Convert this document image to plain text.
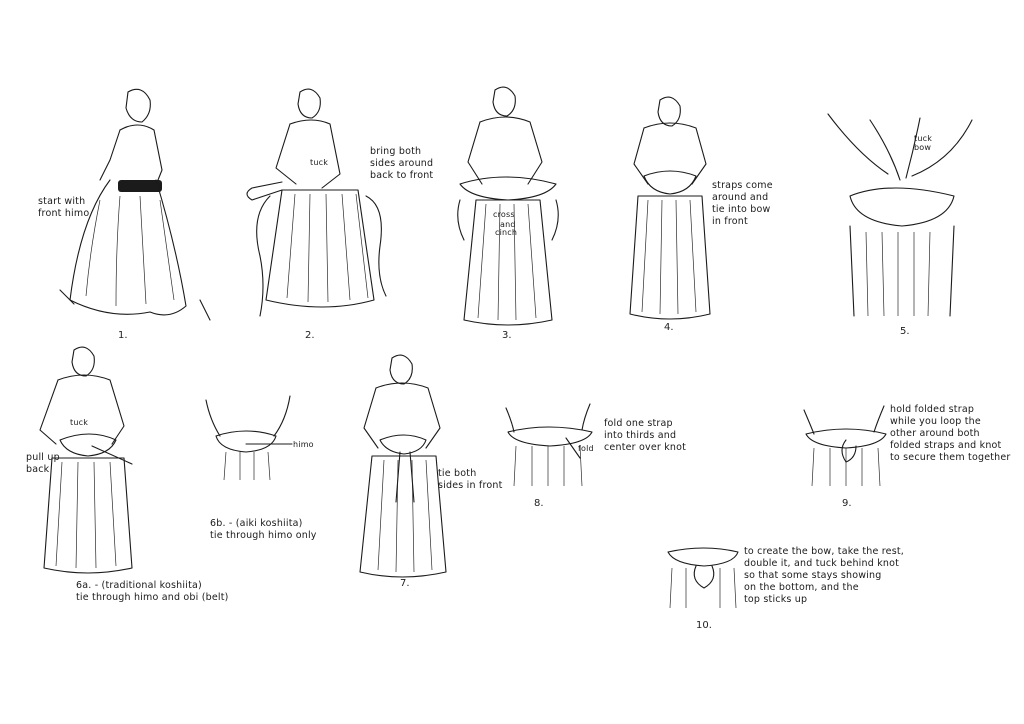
start with
front himo
1.
bring both
sides around
back to front
tuck
2.
cross
and
cinch
3.
straps come
around and
tie into bow
in front
4.
tuck
bow
5.
pull up
back
tuck
himo
6b. - (aiki koshiita)
tie through himo only
6a. - (traditional koshiita)
tie through himo and obi (belt)
tie both
sides in front
7.
fold one strap
into thirds and
center over knot
fold
8.
hold folded strap
while you loop the
other around both
folded straps and knot
to secure them together
9.
to create the bow, take the rest,
double it, and tuck behind knot
so that some stays showing
on the bottom, and the
top sticks up
10.
